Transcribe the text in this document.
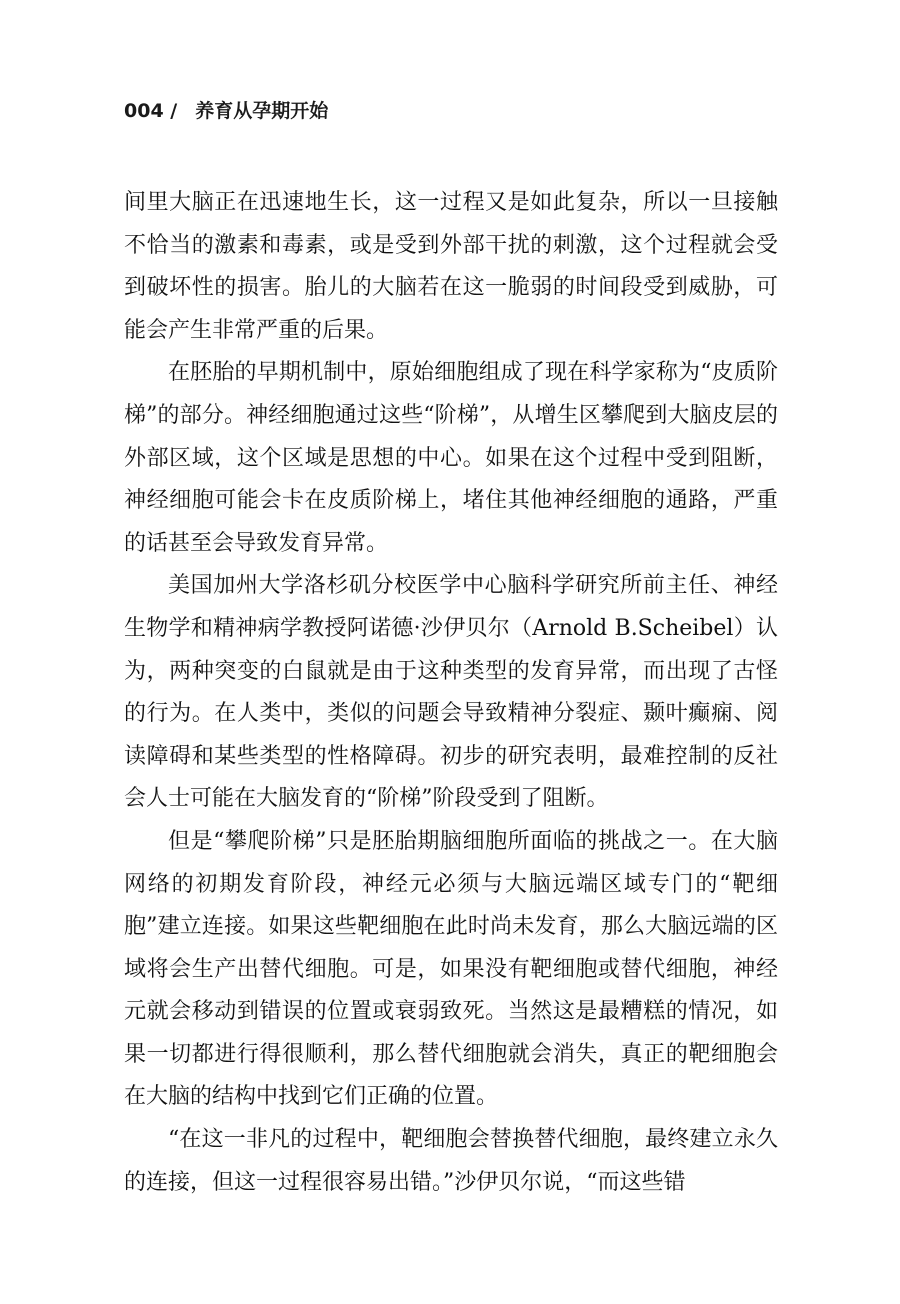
004 / 养育从孕期开始

间里大脑正在迅速地生长，这一过程又是如此复杂，所以一旦接触不恰当的激素和毒素，或是受到外部干扰的刺激，这个过程就会受到破坏性的损害。胎儿的大脑若在这一脆弱的时间段受到威胁，可能会产生非常严重的后果。

在胚胎的早期机制中，原始细胞组成了现在科学家称为“皮质阶梯”的部分。神经细胞通过这些“阶梯”，从增生区攀爬到大脑皮层的外部区域，这个区域是思想的中心。如果在这个过程中受到阻断，神经细胞可能会卡在皮质阶梯上，堵住其他神经细胞的通路，严重的话甚至会导致发育异常。

美国加州大学洛杉矶分校医学中心脑科学研究所前主任、神经生物学和精神病学教授阿诺德·沙伊贝尔（Arnold B.Scheibel）认为，两种突变的白鼠就是由于这种类型的发育异常，而出现了古怪的行为。在人类中，类似的问题会导致精神分裂症、颞叶癫痫、阅读障碍和某些类型的性格障碍。初步的研究表明，最难控制的反社会人士可能在大脑发育的“阶梯”阶段受到了阻断。

但是“攀爬阶梯”只是胚胎期脑细胞所面临的挑战之一。在大脑网络的初期发育阶段，神经元必须与大脑远端区域专门的“靶细胞”建立连接。如果这些靶细胞在此时尚未发育，那么大脑远端的区域将会生产出替代细胞。可是，如果没有靶细胞或替代细胞，神经元就会移动到错误的位置或衰弱致死。当然这是最糟糕的情况，如果一切都进行得很顺利，那么替代细胞就会消失，真正的靶细胞会在大脑的结构中找到它们正确的位置。

“在这一非凡的过程中，靶细胞会替换替代细胞，最终建立永久的连接，但这一过程很容易出错。”沙伊贝尔说，“而这些错
